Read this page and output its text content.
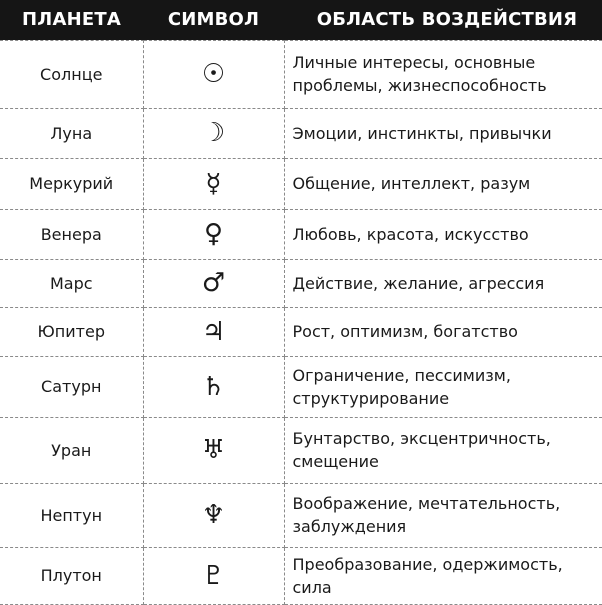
ПЛАНЕТА	СИМВОЛ	ОБЛАСТЬ ВОЗДЕЙСТВИЯ
Солнце	☉	Личные интересы, основные проблемы, жизнеспособность
Луна	☽	Эмоции, инстинкты, привычки
Меркурий	☿	Общение, интеллект, разум
Венера	♀	Любовь, красота, искусство
Марс	♂	Действие, желание, агрессия
Юпитер	♃	Рост, оптимизм, богатство
Сатурн	♄	Ограничение, пессимизм, структурирование
Уран	♅	Бунтарство, эксцентричность, смещение
Нептун	♆	Воображение, мечтательность, заблуждения
Плутон	♇	Преобразование, одержимость, сила
